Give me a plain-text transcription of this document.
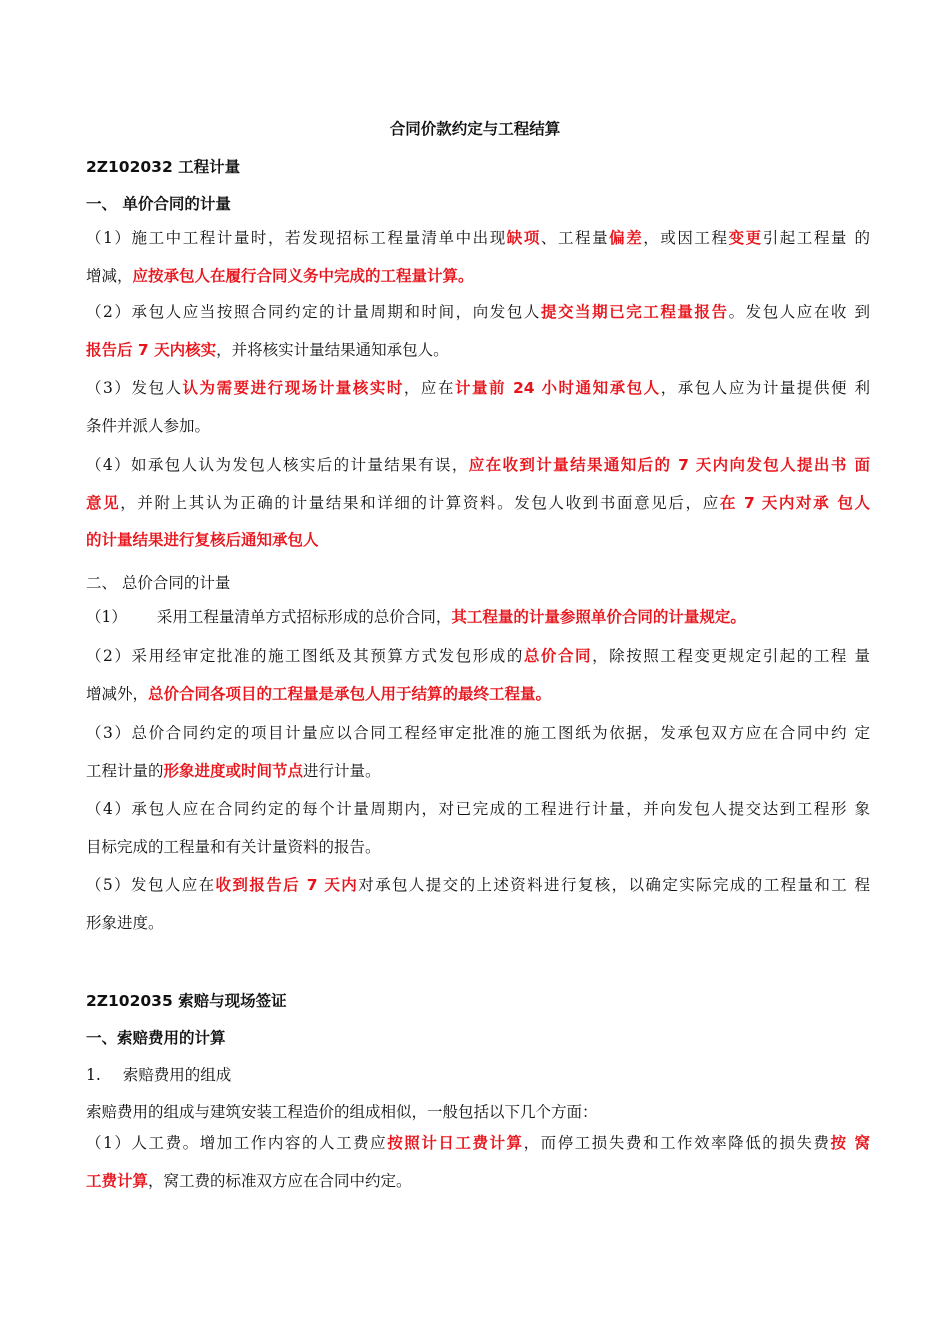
合同价款约定与工程结算
2Z102032 工程计量
一、 单价合同的计量
（1）施工中工程计量时，若发现招标工程量清单中出现缺项、工程量偏差，或因工程变更引起工程量 的
增减，应按承包人在履行合同义务中完成的工程量计算。
（2）承包人应当按照合同约定的计量周期和时间，向发包人提交当期已完工程量报告。发包人应在收 到
报告后 7 天内核实，并将核实计量结果通知承包人。
（3）发包人认为需要进行现场计量核实时，应在计量前 24 小时通知承包人，承包人应为计量提供便 利
条件并派人参加。
（4）如承包人认为发包人核实后的计量结果有误，应在收到计量结果通知后的 7 天内向发包人提出书 面
意见，并附上其认为正确的计量结果和详细的计算资料。发包人收到书面意见后，应在 7 天内对承 包人
的计量结果进行复核后通知承包人
二、 总价合同的计量
（1） 采用工程量清单方式招标形成的总价合同，其工程量的计量参照单价合同的计量规定。
（2）采用经审定批准的施工图纸及其预算方式发包形成的总价合同，除按照工程变更规定引起的工程 量
增减外，总价合同各项目的工程量是承包人用于结算的最终工程量。
（3）总价合同约定的项目计量应以合同工程经审定批准的施工图纸为依据，发承包双方应在合同中约 定
工程计量的形象进度或时间节点进行计量。
（4）承包人应在合同约定的每个计量周期内，对已完成的工程进行计量，并向发包人提交达到工程形 象
目标完成的工程量和有关计量资料的报告。
（5）发包人应在收到报告后 7 天内对承包人提交的上述资料进行复核，以确定实际完成的工程量和工 程
形象进度。
2Z102035 索赔与现场签证
一、索赔费用的计算
1. 索赔费用的组成
索赔费用的组成与建筑安装工程造价的组成相似，一般包括以下几个方面：
（1）人工费。增加工作内容的人工费应按照计日工费计算，而停工损失费和工作效率降低的损失费按 窝
工费计算，窝工费的标准双方应在合同中约定。
